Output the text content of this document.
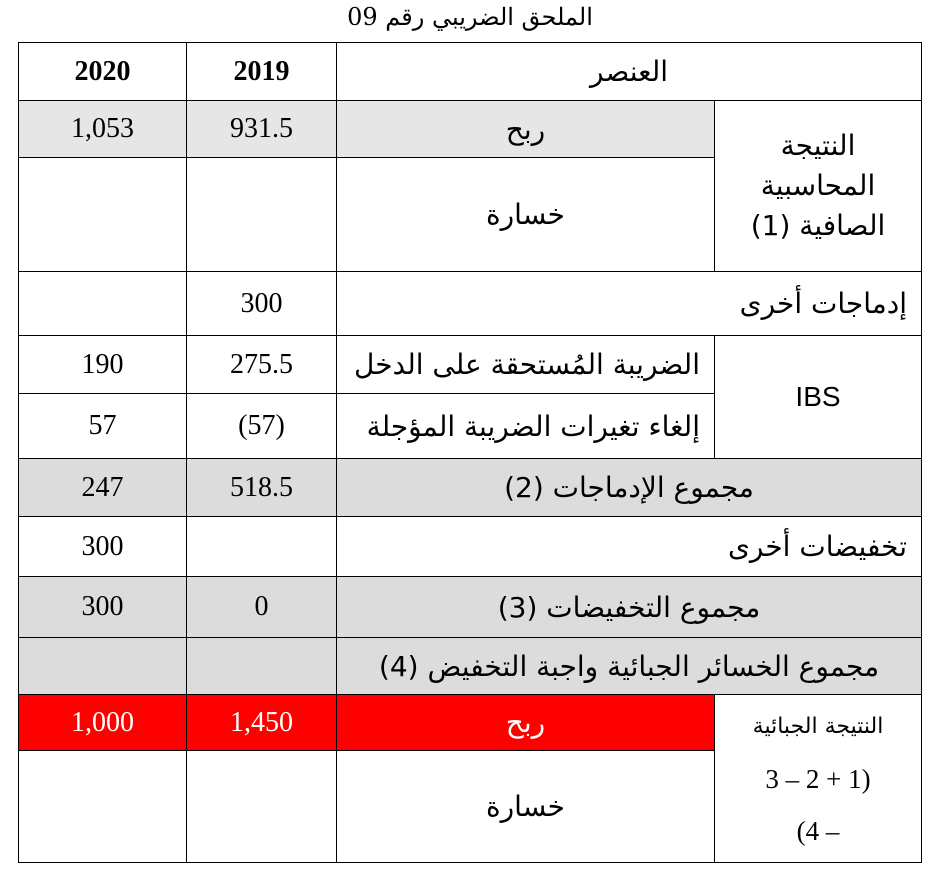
الملحق الضريبي رقم 09
2020	2019	العنصر	
1,053	931.5	ربح	النتيجة
المحاسبية
الصافية (1)

		خسارة	
	300	إدماجات أخرى	
190	275.5	الضريبة المُستحقة على الدخل	IBS
57	(57)	إلغاء تغيرات الضريبة المؤجلة	
247	518.5	مجموع الإدماجات (2)	
300		تخفيضات أخرى	
300	0	مجموع التخفيضات (3)	
		مجموع الخسائر الجبائية واجبة التخفيض (4)	
1,000	1,450	ربح	النتيجة الجبائية
(1 + 2 – 3
– 4)

		خسارة	
